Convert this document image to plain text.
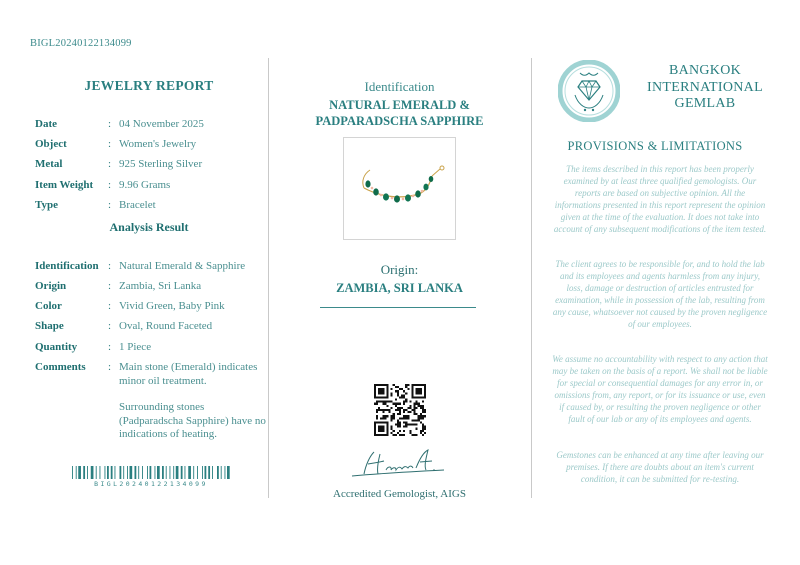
BIGL20240122134099
JEWELRY REPORT
Date	: 04 November 2025
Object	: Women's Jewelry
Metal	: 925 Sterling Silver
Item Weight	: 9.96 Grams
Type	: Bracelet
Analysis Result
Identification : Natural Emerald & Sapphire
Origin	: Zambia, Sri Lanka
Color	: Vivid Green, Baby Pink
Shape	: Oval, Round Faceted
Quantity	: 1 Piece
Comments	: Main stone (Emerald) indicates minor oil treatment.
Surrounding stones (Padparadscha Sapphire) have no indications of heating.
BIGL20240122134099
Identification
NATURAL EMERALD &
PADPARADSCHA SAPPHIRE
Origin:
ZAMBIA, SRI LANKA
Accredited Gemologist, AIGS
BANGKOK
INTERNATIONAL
GEMLAB
PROVISIONS & LIMITATIONS
The items described in this report has been properly examined by at least three qualified gemologists. Our reports are based on subjective opinion. All the informations presented in this report represent the opinion given at the time of the evaluation. It does not take into account of any subsequent modifications of the item tested.
The client agrees to be responsible for, and to hold the lab and its employees and agents harmless from any injury, loss, damage or destruction of articles entrusted for examination, while in possession of the lab, resulting from any cause, whatsoever not caused by the proven negligence of our employees.
We assume no accountability with respect to any action that may be taken on the basis of a report. We shall not be liable for special or consequential damages for any error in, or omissions from, any report, or for its issuance or use, even if caused by, or resulting the proven negligence or other fault of our lab or any of its employees and agents.
Gemstones can be enhanced at any time after leaving our premises. If there are doubts about an item's current condition, it can be submitted for re-testing.
